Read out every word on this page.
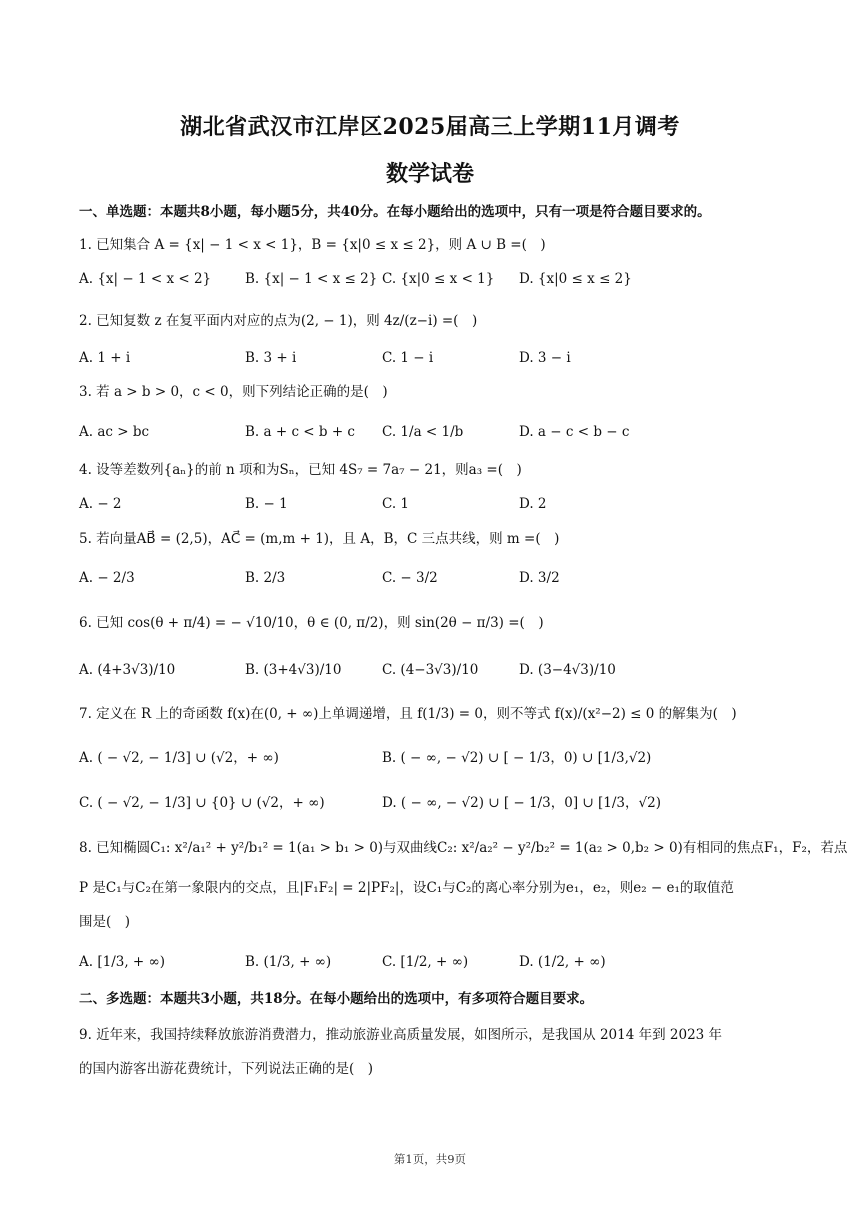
湖北省武汉市江岸区2025届高三上学期11月调考
数学试卷
一、单选题：本题共8小题，每小题5分，共40分。在每小题给出的选项中，只有一项是符合题目要求的。
1. 已知集合 A = {x| − 1 < x < 1}，B = {x|0 ≤ x ≤ 2}，则 A ∪ B =(　)
A. {x| − 1 < x < 2}	B. {x| − 1 < x ≤ 2} C. {x|0 ≤ x < 1} D. {x|0 ≤ x ≤ 2}
2. 已知复数 z 在复平面内对应的点为(2, − 1)，则 4z/(z−i) =(　)
A. 1 + i	B. 3 + i	C. 1 − i	D. 3 − i
3. 若 a > b > 0，c < 0，则下列结论正确的是(　)
A. ac > bc	B. a + c < b + c C. 1/a < 1/b	D. a − c < b − c
4. 设等差数列{aₙ}的前 n 项和为Sₙ，已知 4S₇ = 7a₇ − 21，则a₃ =(　)
A. − 2	B. − 1	C. 1	D. 2
5. 若向量AB⃗ = (2,5)，AC⃗ = (m,m + 1)，且 A，B，C 三点共线，则 m =(　)
A. − 2/3	B. 2/3	C. − 3/2	D. 3/2
6. 已知 cos(θ + π/4) = − √10/10，θ ∈ (0, π/2)，则 sin(2θ − π/3) =(　)
A. (4+3√3)/10	B. (3+4√3)/10	C. (4−3√3)/10	D. (3−4√3)/10
7. 定义在 R 上的奇函数 f(x)在(0, + ∞)上单调递增，且 f(1/3) = 0，则不等式 f(x)/(x²−2) ≤ 0 的解集为(　)
A. ( − √2, − 1/3] ∪ (√2，+ ∞)	B. ( − ∞, − √2) ∪ [ − 1/3，0) ∪ [1/3,√2)
C. ( − √2, − 1/3] ∪ {0} ∪ (√2，+ ∞)	D. ( − ∞, − √2) ∪ [ − 1/3，0] ∪ [1/3，√2)
8. 已知椭圆C₁: x²/a₁² + y²/b₁² = 1(a₁ > b₁ > 0)与双曲线C₂: x²/a₂² − y²/b₂² = 1(a₂ > 0,b₂ > 0)有相同的焦点F₁，F₂，若点
P 是C₁与C₂在第一象限内的交点，且|F₁F₂| = 2|PF₂|，设C₁与C₂的离心率分别为e₁，e₂，则e₂ − e₁的取值范
围是(　)
A. [1/3, + ∞)	B. (1/3, + ∞)	C. [1/2, + ∞)	D. (1/2, + ∞)
二、多选题：本题共3小题，共18分。在每小题给出的选项中，有多项符合题目要求。
9. 近年来，我国持续释放旅游消费潜力，推动旅游业高质量发展，如图所示，是我国从 2014 年到 2023 年
的国内游客出游花费统计，下列说法正确的是(　)
第1页，共9页
